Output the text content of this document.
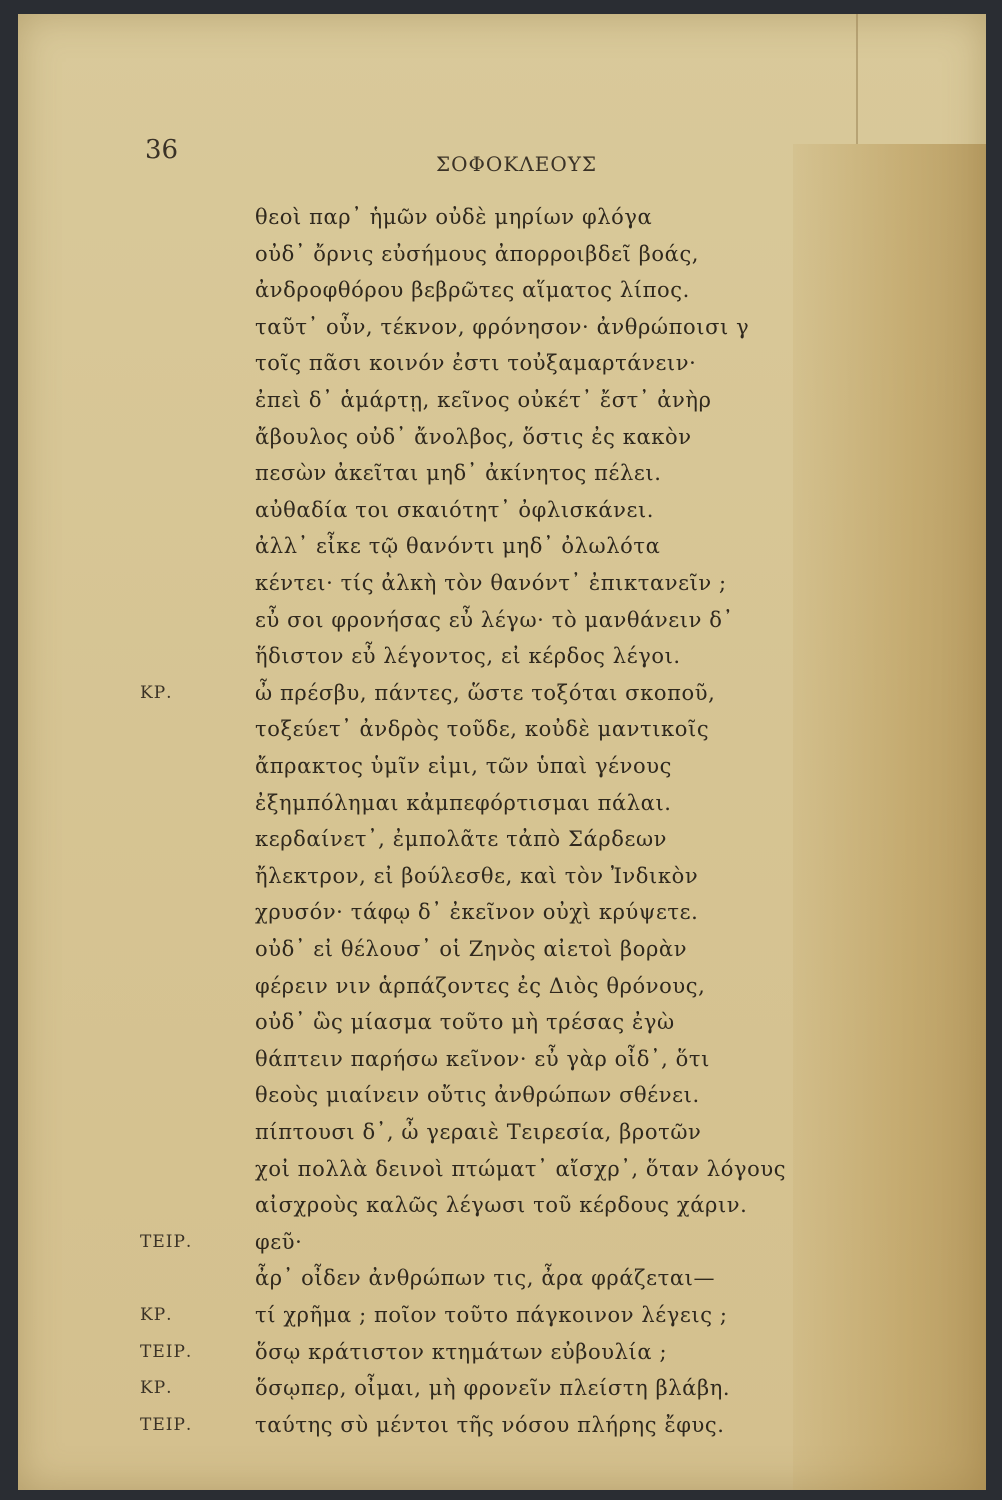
36	ΣΟΦΟΚΛΕΟΥΣ
θεοὶ παρ᾿ ἡμῶν οὐδὲ μηρίων φλόγα
οὐδ᾿ ὄρνις εὐσήμους ἀπορροιβδεῖ βοάς,
ἀνδροφθόρου βεβρῶτες αἵματος λίπος.
ταῦτ᾿ οὖν, τέκνον, φρόνησον· ἀνθρώποισι γ
τοῖς πᾶσι κοινόν ἐστι τοὐξαμαρτάνειν·
ἐπεὶ δ᾿ ἁμάρτῃ, κεῖνος οὐκέτ᾿ ἔστ᾿ ἀνὴρ
ἄβουλος οὐδ᾿ ἄνολβος, ὅστις ἐς κακὸν
πεσὼν ἀκεῖται μηδ᾿ ἀκίνητος πέλει.
αὐθαδία τοι σκαιότητ᾿ ὀφλισκάνει.
ἀλλ᾿ εἶκε τῷ θανόντι μηδ᾿ ὀλωλότα
κέντει· τίς ἀλκὴ τὸν θανόντ᾿ ἐπικτανεῖν ;
εὖ σοι φρονήσας εὖ λέγω· τὸ μανθάνειν δ᾿
ἥδιστον εὖ λέγοντος, εἰ κέρδος λέγοι.
ΚΡ.	ὦ πρέσβυ, πάντες, ὥστε τοξόται σκοποῦ,
τοξεύετ᾿ ἀνδρὸς τοῦδε, κοὐδὲ μαντικοῖς
ἄπρακτος ὑμῖν εἰμι, τῶν ὑπαὶ γένους
ἐξημπόλημαι κἀμπεφόρτισμαι πάλαι.
κερδαίνετ᾿, ἐμπολᾶτε τἀπὸ Σάρδεων
ἤλεκτρον, εἰ βούλεσθε, καὶ τὸν Ἰνδικὸν
χρυσόν· τάφῳ δ᾿ ἐκεῖνον οὐχὶ κρύψετε.
οὐδ᾿ εἰ θέλουσ᾿ οἱ Ζηνὸς αἰετοὶ βορὰν
φέρειν νιν ἁρπάζοντες ἐς Διὸς θρόνους,
οὐδ᾿ ὣς μίασμα τοῦτο μὴ τρέσας ἐγὼ
θάπτειν παρήσω κεῖνον· εὖ γὰρ οἶδ᾿, ὅτι
θεοὺς μιαίνειν οὔτις ἀνθρώπων σθένει.
πίπτουσι δ᾿, ὦ γεραιὲ Τειρεσία, βροτῶν
χοἰ πολλὰ δεινοὶ πτώματ᾿ αἴσχρ᾿, ὅταν λόγους
αἰσχροὺς καλῶς λέγωσι τοῦ κέρδους χάριν.
ΤΕΙΡ.	φεῦ·
ἆρ᾿ οἶδεν ἀνθρώπων τις, ἆρα φράζεται—
ΚΡ.	τί χρῆμα ; ποῖον τοῦτο πάγκοινον λέγεις ;
ΤΕΙΡ.	ὅσῳ κράτιστον κτημάτων εὐβουλία ;
ΚΡ.	ὅσῳπερ, οἶμαι, μὴ φρονεῖν πλείστη βλάβη.
ΤΕΙΡ.	ταύτης σὺ μέντοι τῆς νόσου πλήρης ἔφυς.
